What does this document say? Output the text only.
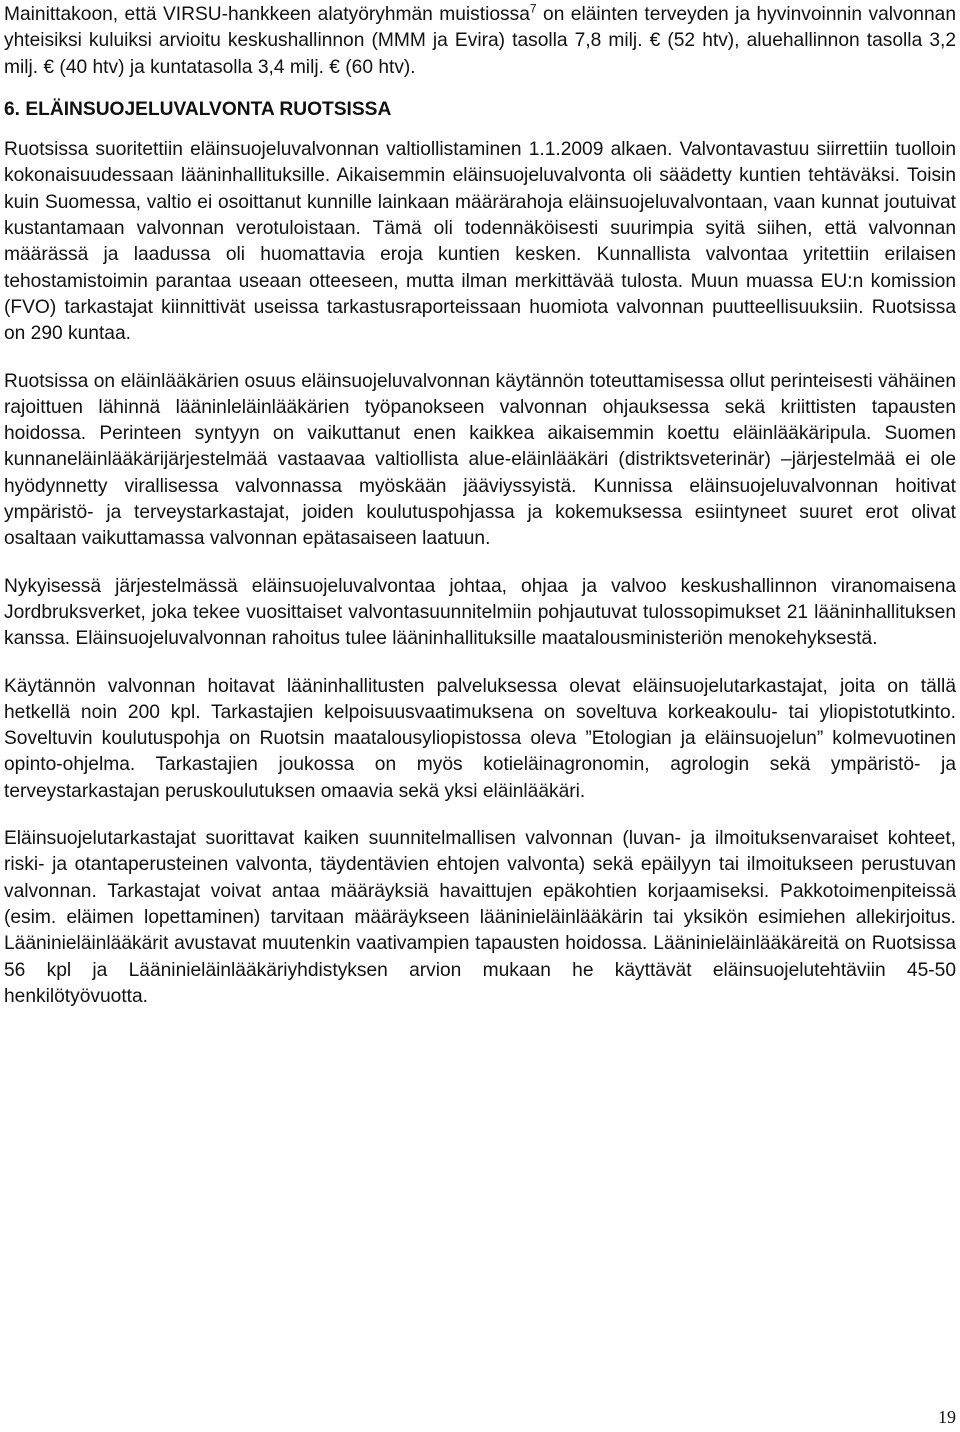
Mainittakoon, että VIRSU-hankkeen alatyöryhmän muistiossa$^7$ on eläinten terveyden ja hyvinvoinnin valvonnan yhteisiksi kuluiksi arvioitu keskushallinnon (MMM ja Evira) tasolla 7,8 milj. € (52 htv), aluehallinnon tasolla 3,2 milj. € (40 htv) ja kuntatasolla 3,4 milj. € (60 htv).

6. ELÄINSUOJELUVALVONTA RUOTSISSA

Ruotsissa suoritettiin eläinsuojeluvalvonnan valtiollistaminen 1.1.2009 alkaen. Valvontavastuu siirrettiin tuolloin kokonaisuudessaan lääninhallituksille. Aikaisemmin eläinsuojeluvalvonta oli säädetty kuntien tehtäväksi. Toisin kuin Suomessa, valtio ei osoittanut kunnille lainkaan määrärahoja eläinsuojeluvalvontaan, vaan kunnat joutuivat kustantamaan valvonnan verotuloistaan. Tämä oli todennäköisesti suurimpia syitä siihen, että valvonnan määrässä ja laadussa oli huomattavia eroja kuntien kesken. Kunnallista valvontaa yritettiin erilaisen tehostamistoimin parantaa useaan otteeseen, mutta ilman merkittävää tulosta. Muun muassa EU:n komission (FVO) tarkastajat kiinnittivät useissa tarkastusraporteissaan huomiota valvonnan puutteellisuuksiin. Ruotsissa on 290 kuntaa.

Ruotsissa on eläinlääkärien osuus eläinsuojeluvalvonnan käytännön toteuttamisessa ollut perinteisesti vähäinen rajoittuen lähinnä lääninleläinlääkärien työpanokseen valvonnan ohjauksessa sekä kriittisten tapausten hoidossa. Perinteen syntyyn on vaikuttanut enen kaikkea aikaisemmin koettu eläinlääkäripula. Suomen kunnaneläinlääkärijärjestelmää vastaavaa valtiollista alue-eläinlääkäri (distriktsveterinär) –järjestelmää ei ole hyödynnetty virallisessa valvonnassa myöskään jääviyssyistä. Kunnissa eläinsuojeluvalvonnan hoitivat ympäristö- ja terveystarkastajat, joiden koulutuspohjassa ja kokemuksessa esiintyneet suuret erot olivat osaltaan vaikuttamassa valvonnan epätasaiseen laatuun.

Nykyisessä järjestelmässä eläinsuojeluvalvontaa johtaa, ohjaa ja valvoo keskushallinnon viranomaisena Jordbruksverket, joka tekee vuosittaiset valvontasuunnitelmiin pohjautuvat tulossopimukset 21 lääninhallituksen kanssa. Eläinsuojeluvalvonnan rahoitus tulee lääninhallituksille maatalousministeriön menokehyksestä.

Käytännön valvonnan hoitavat lääninhallitusten palveluksessa olevat eläinsuojelutarkastajat, joita on tällä hetkellä noin 200 kpl. Tarkastajien kelpoisuusvaatimuksena on soveltuva korkeakoulu- tai yliopistotutkinto. Soveltuvin koulutuspohja on Ruotsin maatalousyliopistossa oleva ”Etologian ja eläinsuojelun” kolmevuotinen opinto-ohjelma. Tarkastajien joukossa on myös kotieläinagronomin, agrologin sekä ympäristö- ja terveystarkastajan peruskoulutuksen omaavia sekä yksi eläinlääkäri.

Eläinsuojelutarkastajat suorittavat kaiken suunnitelmallisen valvonnan (luvan- ja ilmoituksenvaraiset kohteet, riski- ja otantaperusteinen valvonta, täydentävien ehtojen valvonta) sekä epäilyyn tai ilmoitukseen perustuvan valvonnan. Tarkastajat voivat antaa määräyksiä havaittujen epäkohtien korjaamiseksi. Pakkotoimenpiteissä (esim. eläimen lopettaminen) tarvitaan määräykseen lääninieläinlääkärin tai yksikön esimiehen allekirjoitus. Lääninieläinlääkärit avustavat muutenkin vaativampien tapausten hoidossa. Lääninieläinlääkäreitä on Ruotsissa 56 kpl ja Lääninieläinlääkäriyhdistyksen arvion mukaan he käyttävät eläinsuojelutehtäviin 45-50 henkilötyövuotta.

19
